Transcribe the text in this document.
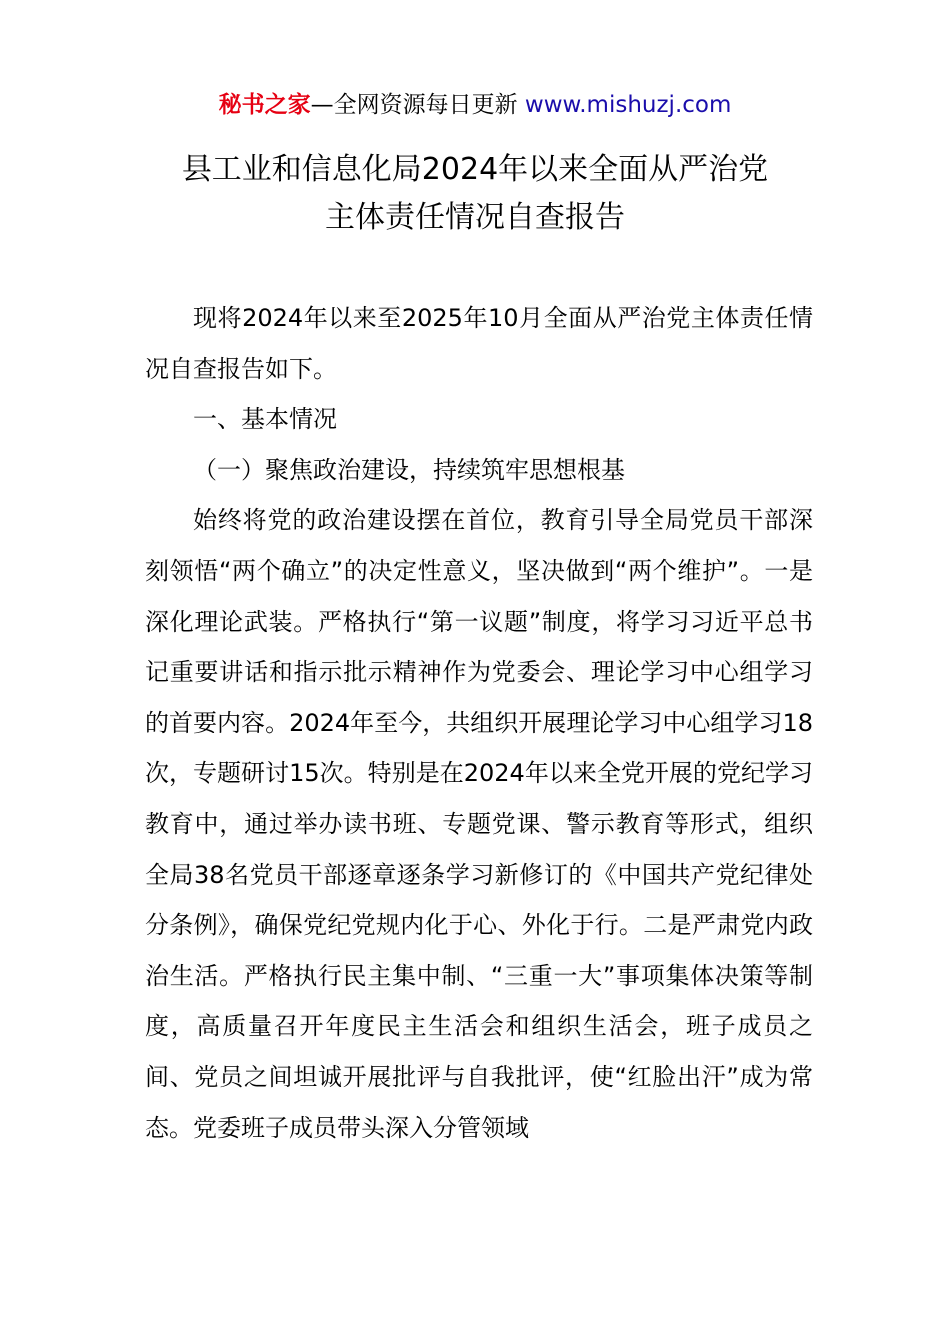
秘书之家—全网资源每日更新 www.mishuzj.com
县工业和信息化局2024年以来全面从严治党
主体责任情况自查报告

现将2024年以来至2025年10月全面从严治党主体责任情况自查报告如下。

一、基本情况

（一）聚焦政治建设，持续筑牢思想根基

始终将党的政治建设摆在首位，教育引导全局党员干部深刻领悟“两个确立”的决定性意义，坚决做到“两个维护”。一是深化理论武装。严格执行“第一议题”制度，将学习习近平总书记重要讲话和指示批示精神作为党委会、理论学习中心组学习的首要内容。2024年至今，共组织开展理论学习中心组学习18次，专题研讨15次。特别是在2024年以来全党开展的党纪学习教育中，通过举办读书班、专题党课、警示教育等形式，组织全局38名党员干部逐章逐条学习新修订的《中国共产党纪律处分条例》，确保党纪党规内化于心、外化于行。二是严肃党内政治生活。严格执行民主集中制、“三重一大”事项集体决策等制度，高质量召开年度民主生活会和组织生活会，班子成员之间、党员之间坦诚开展批评与自我批评，使“红脸出汗”成为常态。党委班子成员带头深入分管领域
